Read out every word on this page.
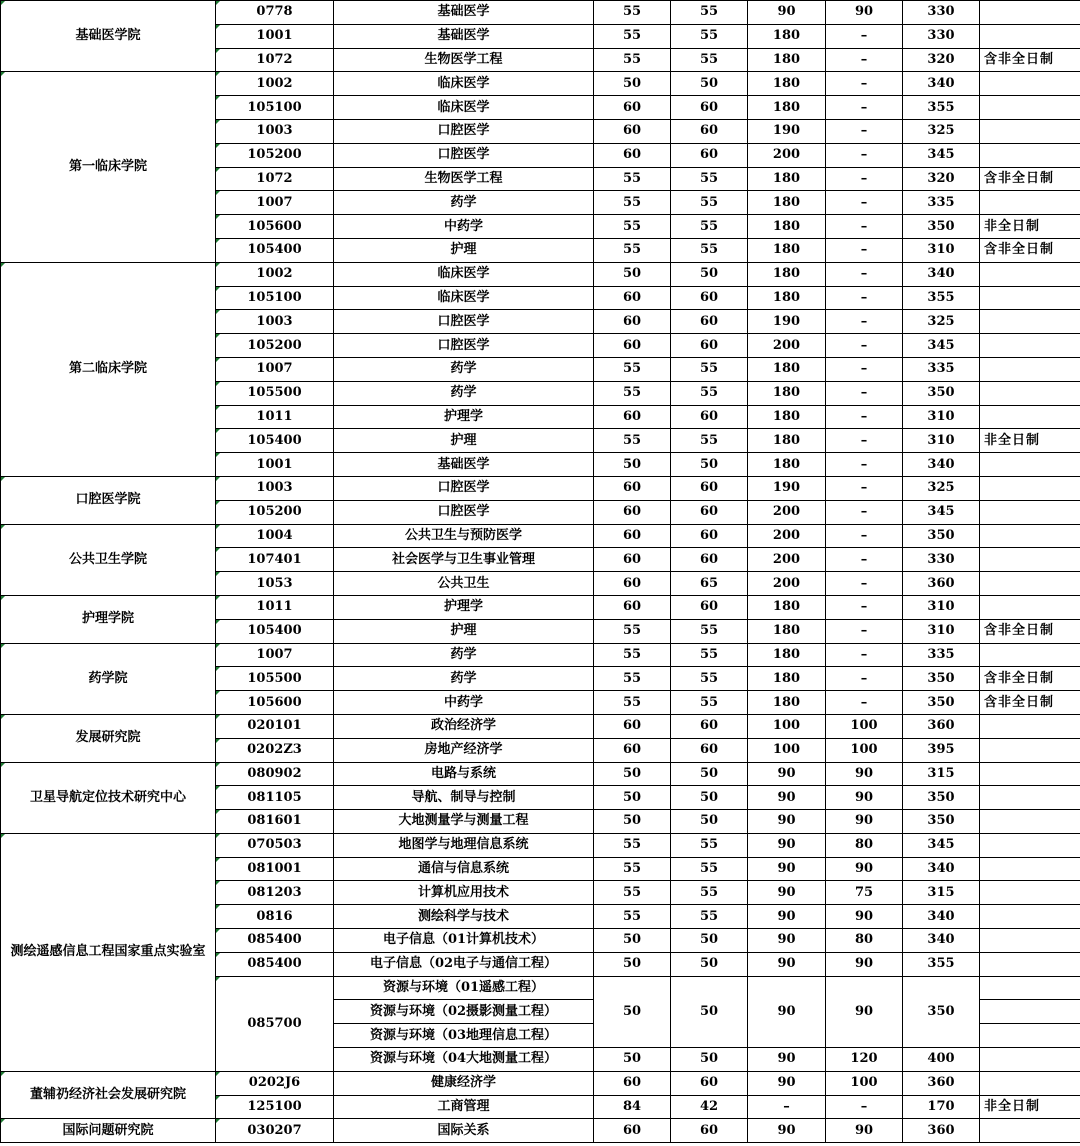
基础医学院	0778	基础医学	55	55	90	90	330	
	1001	基础医学	55	55	180	–	330	
	1072	生物医学工程	55	55	180	–	320	含非全日制
第一临床学院	1002	临床医学	50	50	180	–	340	
	105100	临床医学	60	60	180	–	355	
	1003	口腔医学	60	60	190	–	325	
	105200	口腔医学	60	60	200	–	345	
	1072	生物医学工程	55	55	180	–	320	含非全日制
	1007	药学	55	55	180	–	335	
	105600	中药学	55	55	180	–	350	非全日制
	105400	护理	55	55	180	–	310	含非全日制
第二临床学院	1002	临床医学	50	50	180	–	340	
	105100	临床医学	60	60	180	–	355	
	1003	口腔医学	60	60	190	–	325	
	105200	口腔医学	60	60	200	–	345	
	1007	药学	55	55	180	–	335	
	105500	药学	55	55	180	–	350	
	1011	护理学	60	60	180	–	310	
	105400	护理	55	55	180	–	310	非全日制
	1001	基础医学	50	50	180	–	340	
口腔医学院	1003	口腔医学	60	60	190	–	325	
	105200	口腔医学	60	60	200	–	345	
公共卫生学院	1004	公共卫生与预防医学	60	60	200	–	350	
	107401	社会医学与卫生事业管理	60	60	200	–	330	
	1053	公共卫生	60	65	200	–	360	
护理学院	1011	护理学	60	60	180	–	310	
	105400	护理	55	55	180	–	310	含非全日制
药学院	1007	药学	55	55	180	–	335	
	105500	药学	55	55	180	–	350	含非全日制
	105600	中药学	55	55	180	–	350	含非全日制
发展研究院	020101	政治经济学	60	60	100	100	360	
	0202Z3	房地产经济学	60	60	100	100	395	
卫星导航定位技术研究中心	080902	电路与系统	50	50	90	90	315	
	081105	导航、制导与控制	50	50	90	90	350	
	081601	大地测量学与测量工程	50	50	90	90	350	
测绘遥感信息工程国家重点实验室	070503	地图学与地理信息系统	55	55	90	80	345	
	081001	通信与信息系统	55	55	90	90	340	
	081203	计算机应用技术	55	55	90	75	315	
	0816	测绘科学与技术	55	55	90	90	340	
	085400	电子信息（01计算机技术）	50	50	90	80	340	
	085400	电子信息（02电子与通信工程）	50	50	90	90	355	
	085700	资源与环境（01遥感工程）	50	50	90	90	350	
		资源与环境（02摄影测量工程）						
		资源与环境（03地理信息工程）						
		资源与环境（04大地测量工程）	50	50	90	120	400	
董辅礽经济社会发展研究院	0202J6	健康经济学	60	60	90	100	360	
	125100	工商管理	84	42	–	–	170	非全日制
国际问题研究院	030207	国际关系	60	60	90	90	360	
